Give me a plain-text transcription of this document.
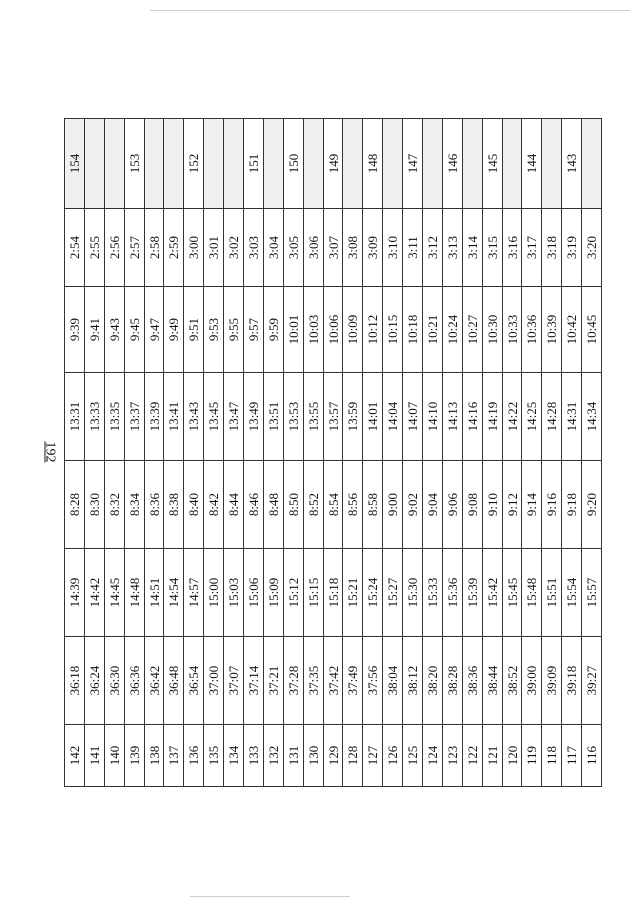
192
142	36:18	14:39	8:28	13:31	9:39	2:54	154
141	36:24	14:42	8:30	13:33	9:41	2:55	
140	36:30	14:45	8:32	13:35	9:43	2:56	
139	36:36	14:48	8:34	13:37	9:45	2:57	153
138	36:42	14:51	8:36	13:39	9:47	2:58	
137	36:48	14:54	8:38	13:41	9:49	2:59	
136	36:54	14:57	8:40	13:43	9:51	3:00	152
135	37:00	15:00	8:42	13:45	9:53	3:01	
134	37:07	15:03	8:44	13:47	9:55	3:02	
133	37:14	15:06	8:46	13:49	9:57	3:03	151
132	37:21	15:09	8:48	13:51	9:59	3:04	
131	37:28	15:12	8:50	13:53	10:01	3:05	150
130	37:35	15:15	8:52	13:55	10:03	3:06	
129	37:42	15:18	8:54	13:57	10:06	3:07	149
128	37:49	15:21	8:56	13:59	10:09	3:08	
127	37:56	15:24	8:58	14:01	10:12	3:09	148
126	38:04	15:27	9:00	14:04	10:15	3:10	
125	38:12	15:30	9:02	14:07	10:18	3:11	147
124	38:20	15:33	9:04	14:10	10:21	3:12	
123	38:28	15:36	9:06	14:13	10:24	3:13	146
122	38:36	15:39	9:08	14:16	10:27	3:14	
121	38:44	15:42	9:10	14:19	10:30	3:15	145
120	38:52	15:45	9:12	14:22	10:33	3:16	
119	39:00	15:48	9:14	14:25	10:36	3:17	144
118	39:09	15:51	9:16	14:28	10:39	3:18	
117	39:18	15:54	9:18	14:31	10:42	3:19	143
116	39:27	15:57	9:20	14:34	10:45	3:20	
